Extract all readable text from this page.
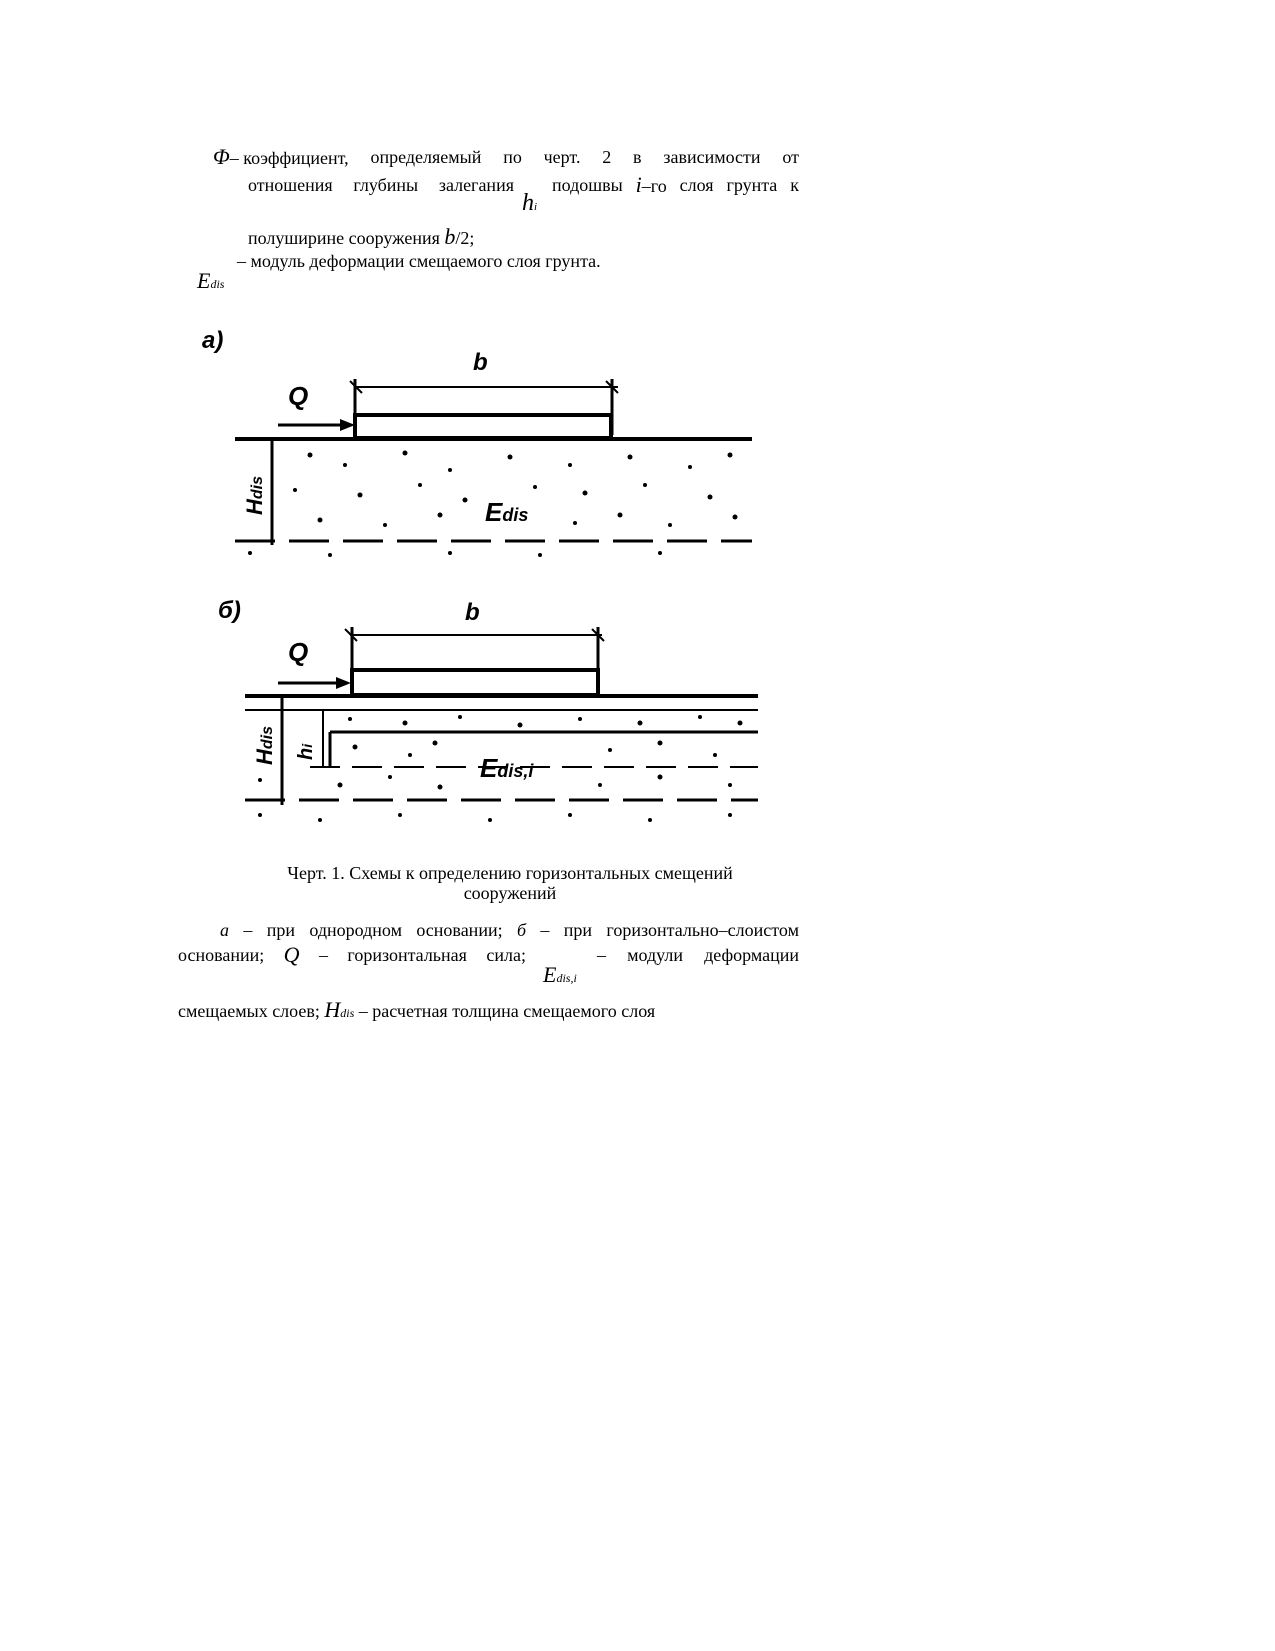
Φ– коэффициент, определяемый по черт. 2 в зависимости от
отношения глубины залегания
hi
подошвы i–го слоя грунта к
полуширине сооружения b/2;
– модуль деформации смещаемого слоя грунта.
Edis
а)
b
Q
Hdis
Edis
б)	b
Q
Hdis
hi
Edis,i
Черт. 1. Схемы к определению горизонтальных смещений
сооружений
а – при однородном основании; б – при горизонтально–слоистом
основании; Q – горизонтальная сила;	– модули деформации
Edis,i
смещаемых слоев; Hdis – расчетная толщина смещаемого слоя
